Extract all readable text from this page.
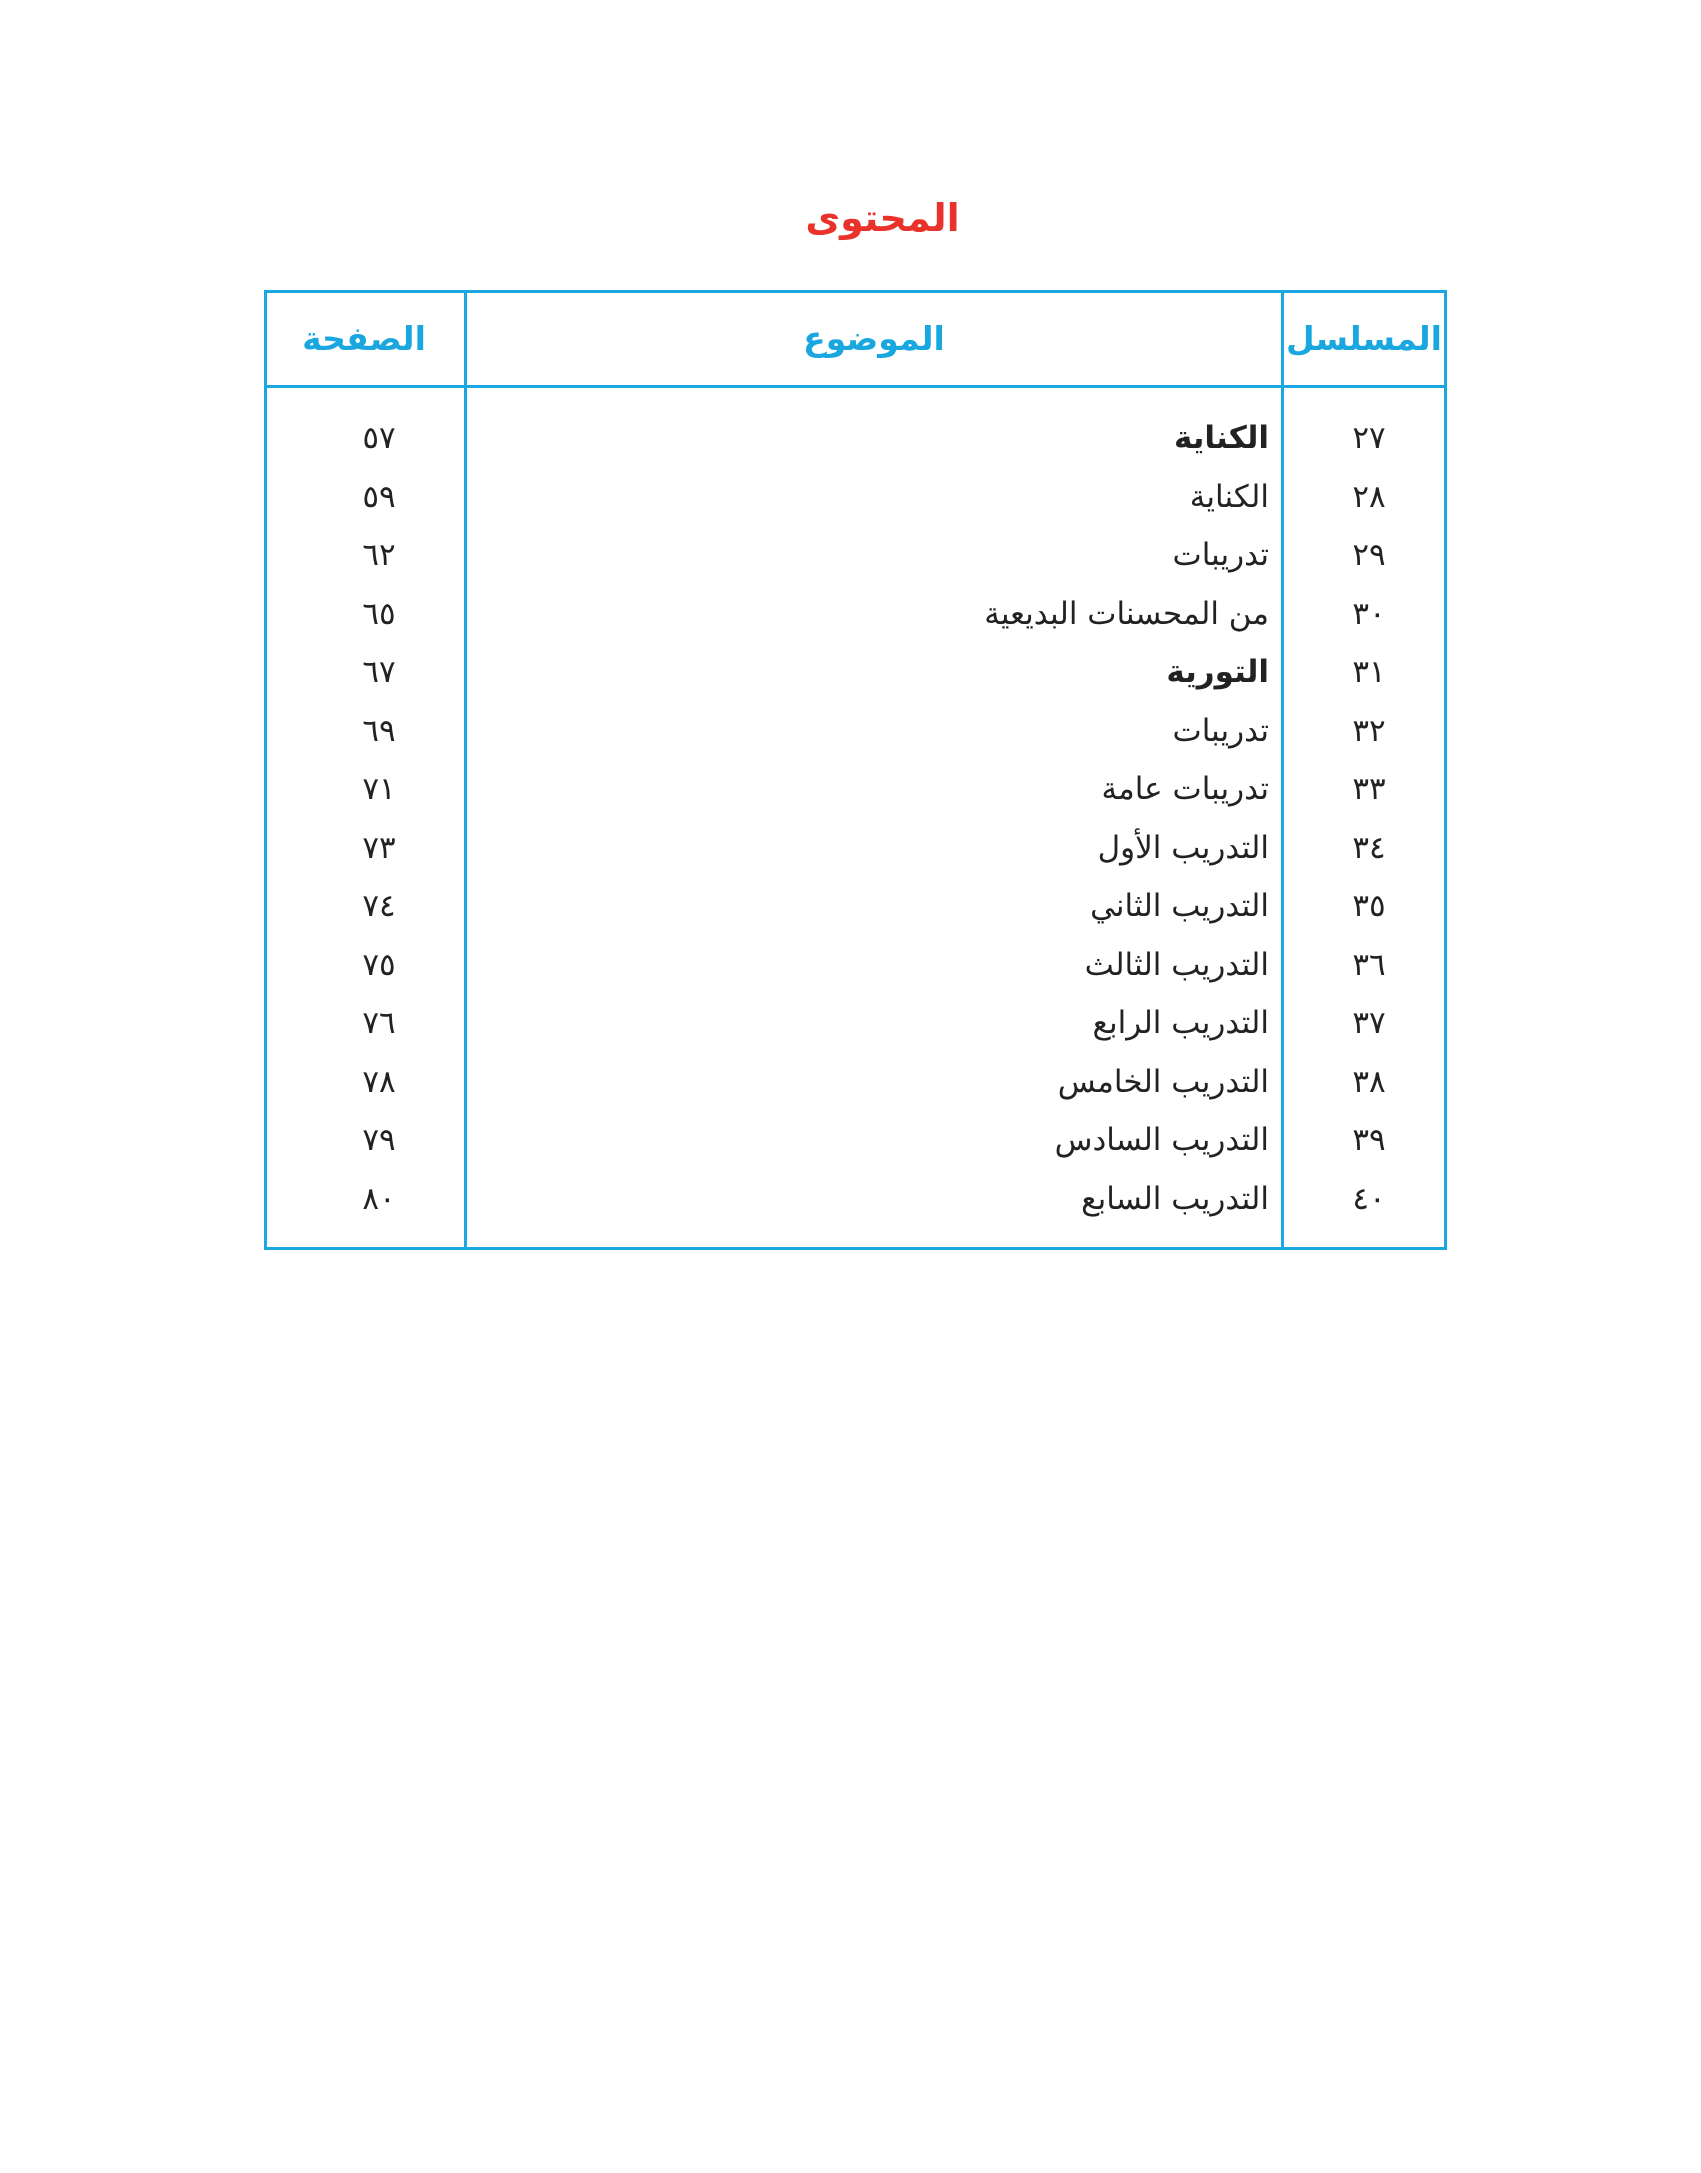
المحتوى
المسلسل
الموضوع
الصفحة
٢٧
الكناية
٥٧
٢٨
الكناية
٥٩
٢٩
تدريبات
٦٢
٣٠
من المحسنات البديعية
٦٥
٣١
التورية
٦٧
٣٢
تدريبات
٦٩
٣٣
تدريبات عامة
٧١
٣٤
التدريب الأول
٧٣
٣٥
التدريب الثاني
٧٤
٣٦
التدريب الثالث
٧٥
٣٧
التدريب الرابع
٧٦
٣٨
التدريب الخامس
٧٨
٣٩
التدريب السادس
٧٩
٤٠
التدريب السابع
٨٠
